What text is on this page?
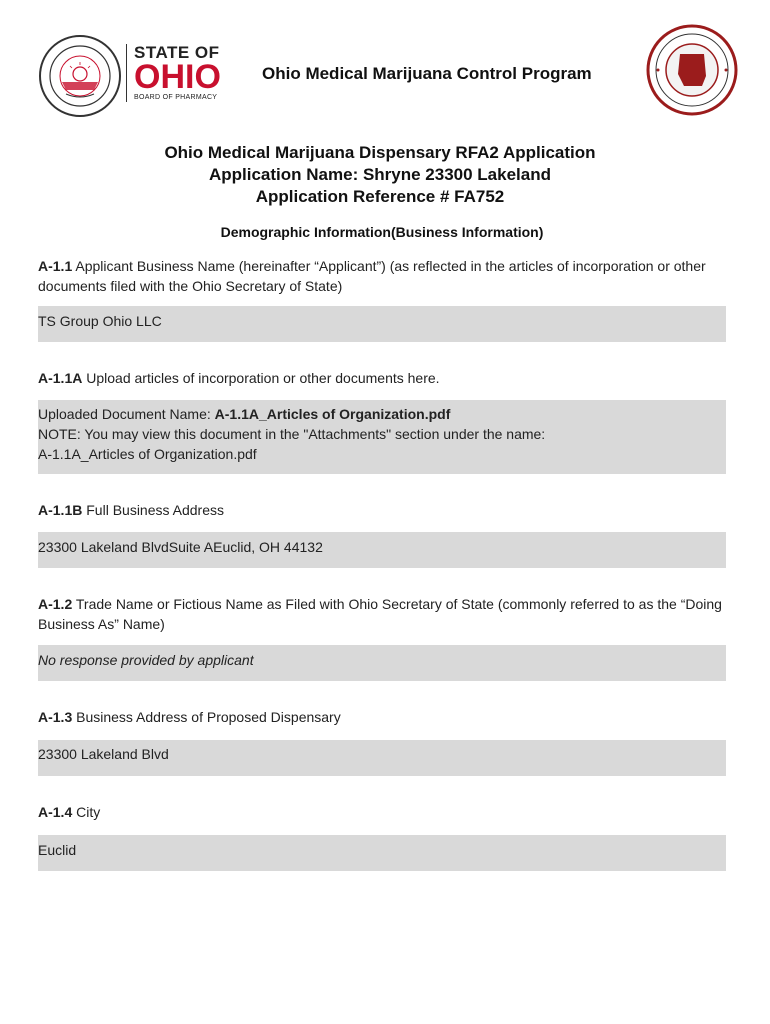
STATE OF
OHIO
BOARD OF PHARMACY
Ohio Medical Marijuana Control Program
Ohio Medical Marijuana Dispensary RFA2 Application
Application Name: Shryne 23300 Lakeland
Application Reference # FA752
Demographic Information(Business Information)
A-1.1 Applicant Business Name (hereinafter “Applicant”) (as reflected in the articles of incorporation or other documents filed with the Ohio Secretary of State)
TS Group Ohio LLC
A-1.1A Upload articles of incorporation or other documents here.
Uploaded Document Name: A-1.1A_Articles of Organization.pdf
NOTE: You may view this document in the "Attachments" section under the name:
A-1.1A_Articles of Organization.pdf
A-1.1B Full Business Address
23300 Lakeland BlvdSuite AEuclid, OH 44132
A-1.2 Trade Name or Fictious Name as Filed with Ohio Secretary of State (commonly referred to as the “Doing Business As” Name)
No response provided by applicant
A-1.3 Business Address of Proposed Dispensary
23300 Lakeland Blvd
A-1.4 City
Euclid
